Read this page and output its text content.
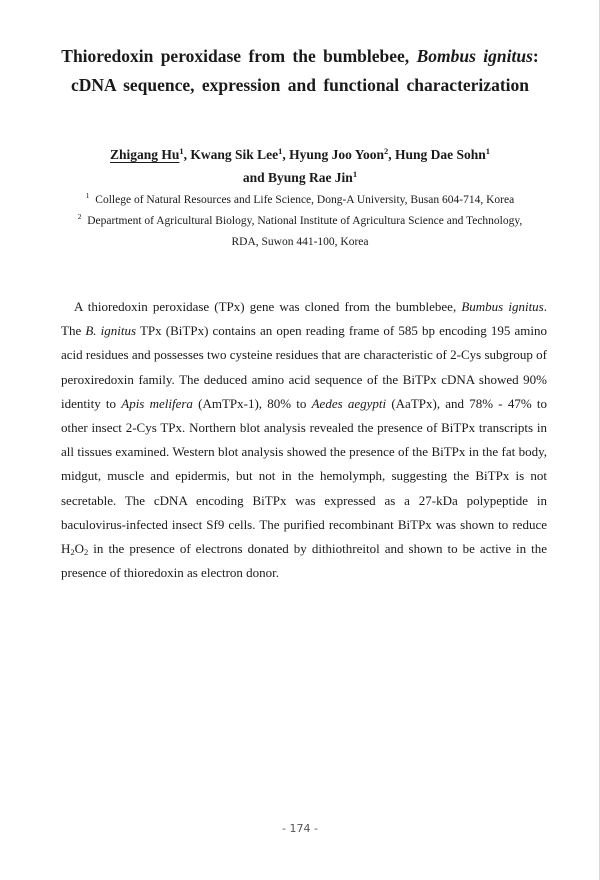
Thioredoxin peroxidase from the bumblebee, Bombus ignitus:
cDNA sequence, expression and functional characterization
Zhigang Hu$^1$, Kwang Sik Lee$^1$, Hyung Joo Yoon$^2$, Hung Dae Sohn$^1$
and Byung Rae Jin$^1$
$^1$ College of Natural Resources and Life Science, Dong-A University, Busan 604-714, Korea
$^2$ Department of Agricultural Biology, National Institute of Agricultura Science and Technology,
RDA, Suwon 441-100, Korea
A thioredoxin peroxidase (TPx) gene was cloned from the bumblebee, Bumbus ignitus. The B. ignitus TPx (BiTPx) contains an open reading frame of 585 bp encoding 195 amino acid residues and possesses two cysteine residues that are characteristic of 2-Cys subgroup of peroxiredoxin family. The deduced amino acid sequence of the BiTPx cDNA showed 90% identity to Apis melifera (AmTPx-1), 80% to Aedes aegypti (AaTPx), and 78% - 47% to other insect 2-Cys TPx. Northern blot analysis revealed the presence of BiTPx transcripts in all tissues examined. Western blot analysis showed the presence of the BiTPx in the fat body, midgut, muscle and epidermis, but not in the hemolymph, suggesting the BiTPx is not secretable. The cDNA encoding BiTPx was expressed as a 27-kDa polypeptide in baculovirus-infected insect Sf9 cells. The purified recombinant BiTPx was shown to reduce $H_2O_2$ in the presence of electrons donated by dithiothreitol and shown to be active in the presence of thioredoxin as electron donor.
- 174 -
